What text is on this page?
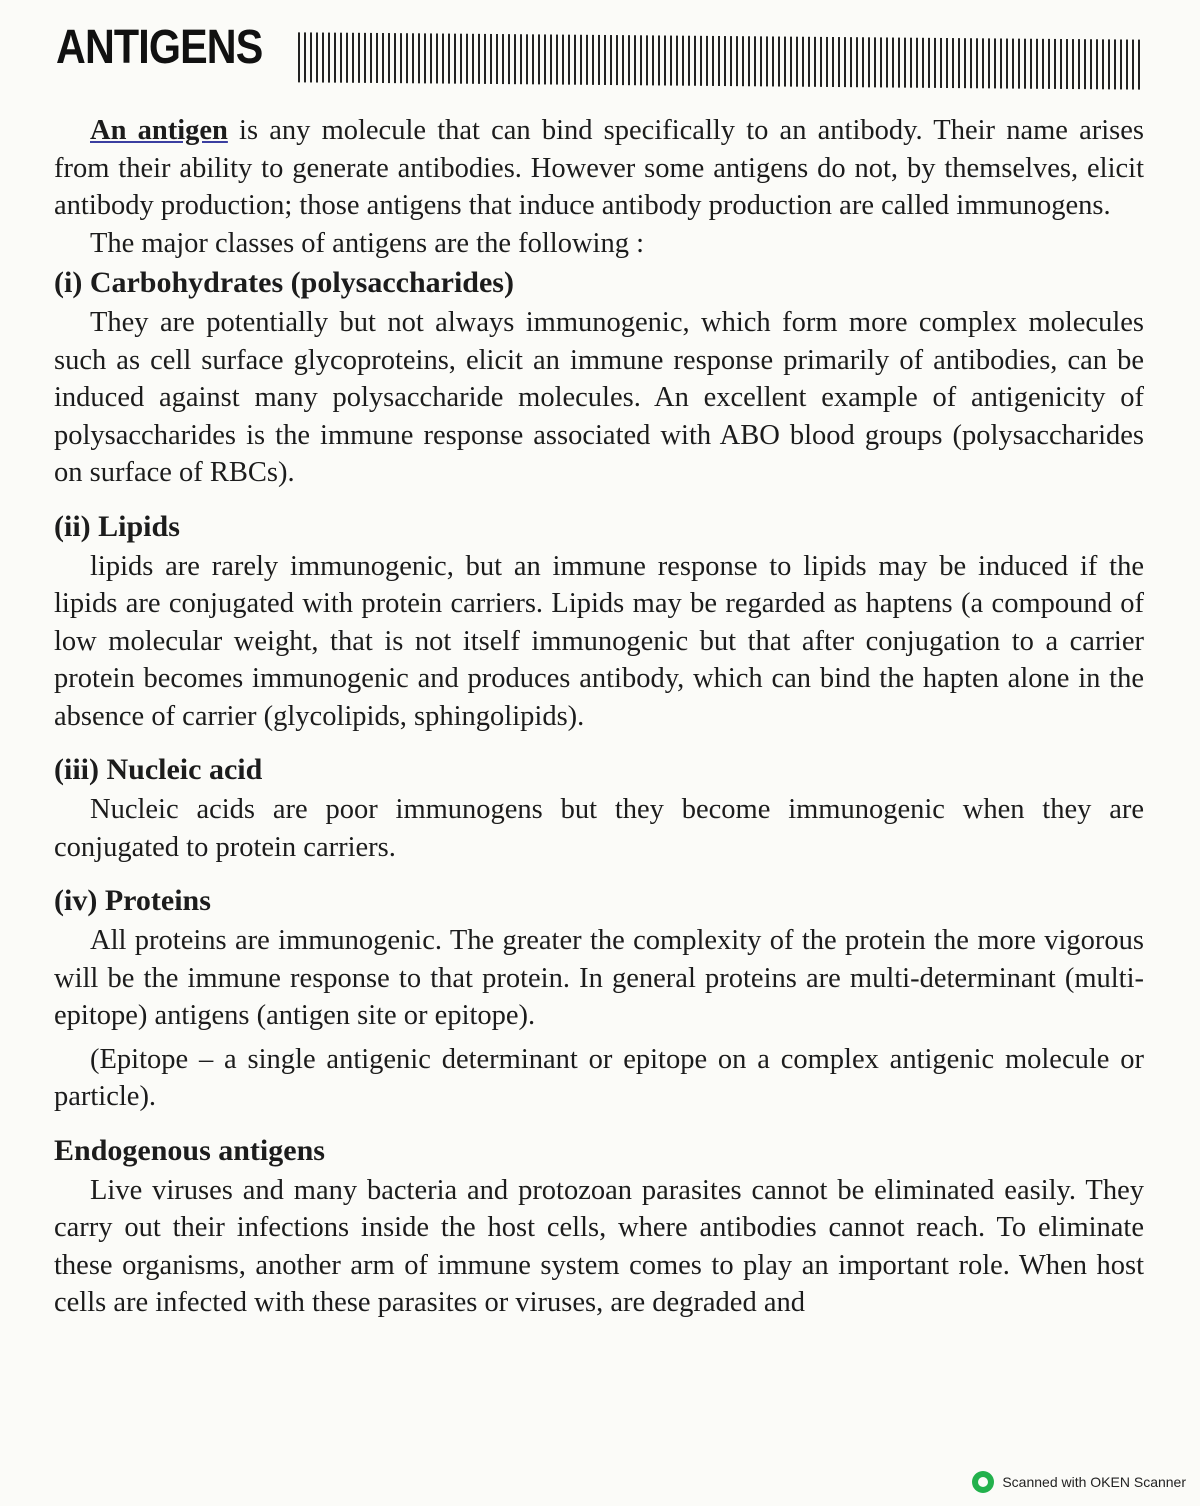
ANTIGENS

An antigen is any molecule that can bind specifically to an antibody. Their name arises from their ability to generate antibodies. However some antigens do not, by themselves, elicit antibody production; those antigens that induce antibody production are called immunogens.

The major classes of antigens are the following :

(i) Carbohydrates (polysaccharides)

They are potentially but not always immunogenic, which form more complex molecules such as cell surface glycoproteins, elicit an immune response primarily of antibodies, can be induced against many polysaccharide molecules. An excellent example of antigenicity of polysaccharides is the immune response associated with ABO blood groups (polysaccharides on surface of RBCs).

(ii) Lipids

lipids are rarely immunogenic, but an immune response to lipids may be induced if the lipids are conjugated with protein carriers. Lipids may be regarded as haptens (a compound of low molecular weight, that is not itself immunogenic but that after conjugation to a carrier protein becomes immunogenic and produces antibody, which can bind the hapten alone in the absence of carrier (glycolipids, sphingolipids).

(iii) Nucleic acid

Nucleic acids are poor immunogens but they become immunogenic when they are conjugated to protein carriers.

(iv) Proteins

All proteins are immunogenic. The greater the complexity of the protein the more vigorous will be the immune response to that protein. In general proteins are multi-determinant (multi-epitope) antigens (antigen site or epitope).

(Epitope – a single antigenic determinant or epitope on a complex antigenic molecule or particle).

Endogenous antigens

Live viruses and many bacteria and protozoan parasites cannot be eliminated easily. They carry out their infections inside the host cells, where antibodies cannot reach. To eliminate these organisms, another arm of immune system comes to play an important role. When host cells are infected with these parasites or viruses, are degraded and

Scanned with OKEN Scanner
